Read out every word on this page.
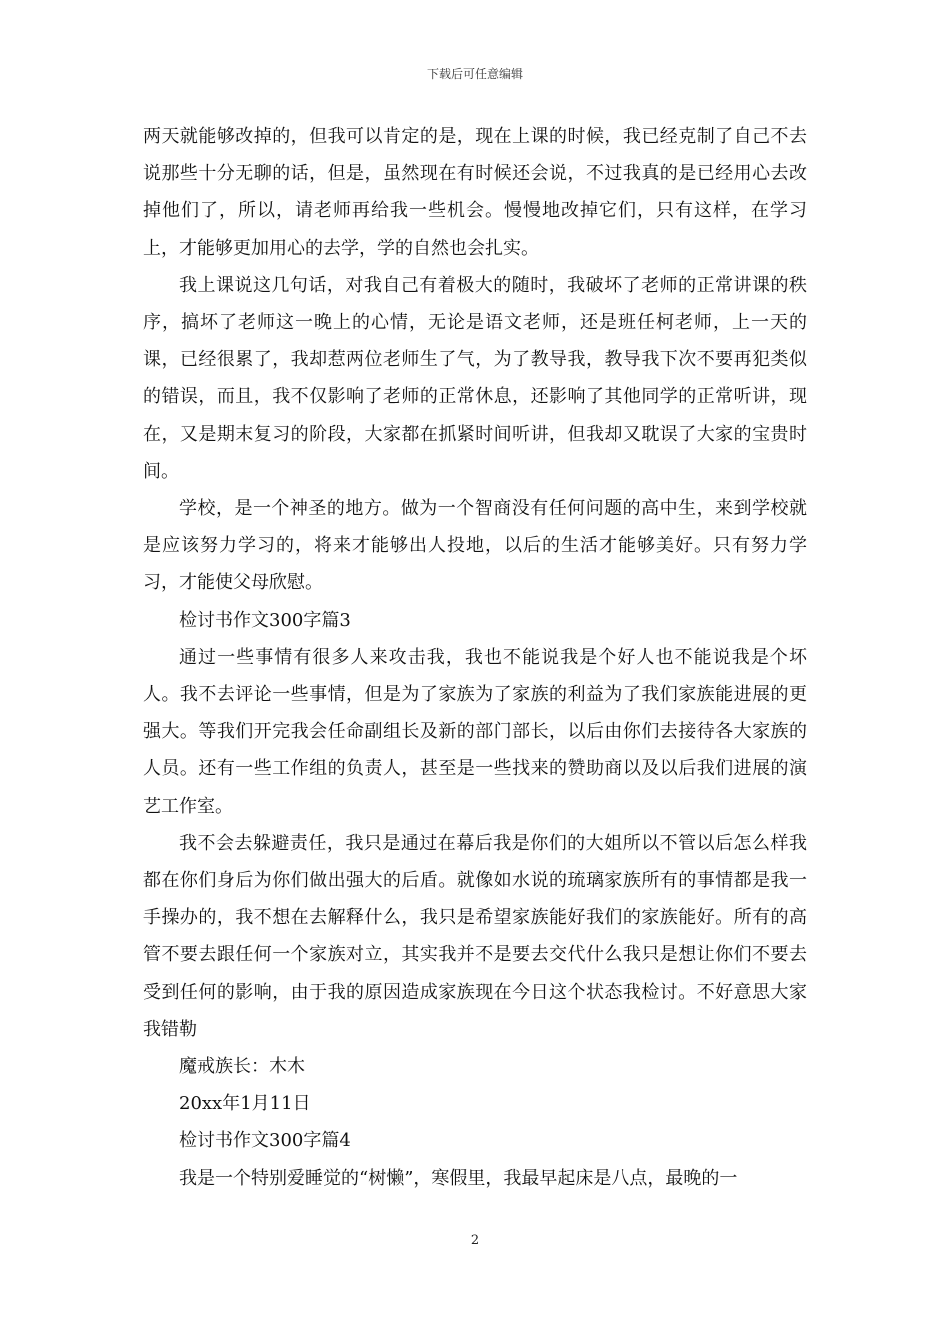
下载后可任意编辑

两天就能够改掉的，但我可以肯定的是，现在上课的时候，我已经克制了自己不去说那些十分无聊的话，但是，虽然现在有时候还会说，不过我真的是已经用心去改掉他们了，所以，请老师再给我一些机会。慢慢地改掉它们，只有这样，在学习上，才能够更加用心的去学，学的自然也会扎实。

我上课说这几句话，对我自己有着极大的随时，我破坏了老师的正常讲课的秩序，搞坏了老师这一晚上的心情，无论是语文老师，还是班任柯老师，上一天的课，已经很累了，我却惹两位老师生了气，为了教导我，教导我下次不要再犯类似的错误，而且，我不仅影响了老师的正常休息，还影响了其他同学的正常听讲，现在，又是期末复习的阶段，大家都在抓紧时间听讲，但我却又耽误了大家的宝贵时间。

学校，是一个神圣的地方。做为一个智商没有任何问题的高中生，来到学校就是应该努力学习的，将来才能够出人投地，以后的生活才能够美好。只有努力学习，才能使父母欣慰。

检讨书作文300字篇3

通过一些事情有很多人来攻击我，我也不能说我是个好人也不能说我是个坏人。我不去评论一些事情，但是为了家族为了家族的利益为了我们家族能进展的更强大。等我们开完我会任命副组长及新的部门部长，以后由你们去接待各大家族的人员。还有一些工作组的负责人，甚至是一些找来的赞助商以及以后我们进展的演艺工作室。

我不会去躲避责任，我只是通过在幕后我是你们的大姐所以不管以后怎么样我都在你们身后为你们做出强大的后盾。就像如水说的琉璃家族所有的事情都是我一手操办的，我不想在去解释什么，我只是希望家族能好我们的家族能好。所有的高管不要去跟任何一个家族对立，其实我并不是要去交代什么我只是想让你们不要去受到任何的影响，由于我的原因造成家族现在今日这个状态我检讨。不好意思大家我错勒

魔戒族长：木木

20xx年1月11日

检讨书作文300字篇4

我是一个特别爱睡觉的“树懒”，寒假里，我最早起床是八点，最晚的一

2
